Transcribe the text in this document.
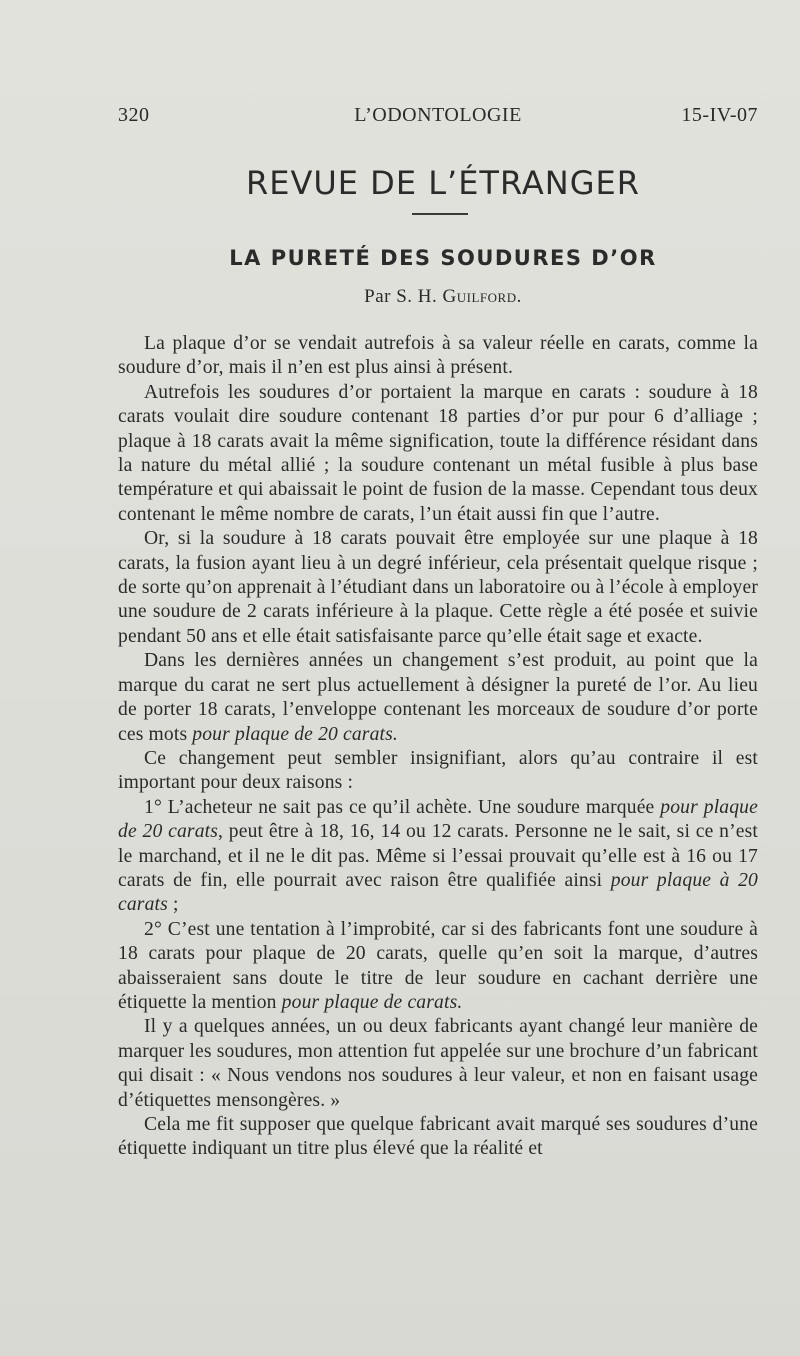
320	L’ODONTOLOGIE	15-IV-07
REVUE DE L’ÉTRANGER
LA PURETÉ DES SOUDURES D’OR
Par S. H. Guilford.

La plaque d’or se vendait autrefois à sa valeur réelle en carats, comme la soudure d’or, mais il n’en est plus ainsi à présent.

Autrefois les soudures d’or portaient la marque en carats : soudure à 18 carats voulait dire soudure contenant 18 parties d’or pur pour 6 d’alliage ; plaque à 18 carats avait la même signification, toute la différence résidant dans la nature du métal allié ; la soudure contenant un métal fusible à plus base température et qui abaissait le point de fusion de la masse. Cependant tous deux contenant le même nombre de carats, l’un était aussi fin que l’autre.

Or, si la soudure à 18 carats pouvait être employée sur une plaque à 18 carats, la fusion ayant lieu à un degré inférieur, cela présentait quelque risque ; de sorte qu’on apprenait à l’étudiant dans un laboratoire ou à l’école à employer une soudure de 2 carats inférieure à la plaque. Cette règle a été posée et suivie pendant 50 ans et elle était satisfaisante parce qu’elle était sage et exacte.

Dans les dernières années un changement s’est produit, au point que la marque du carat ne sert plus actuellement à désigner la pureté de l’or. Au lieu de porter 18 carats, l’enveloppe contenant les morceaux de soudure d’or porte ces mots pour plaque de 20 carats.

Ce changement peut sembler insignifiant, alors qu’au contraire il est important pour deux raisons :

1° L’acheteur ne sait pas ce qu’il achète. Une soudure marquée pour plaque de 20 carats, peut être à 18, 16, 14 ou 12 carats. Personne ne le sait, si ce n’est le marchand, et il ne le dit pas. Même si l’essai prouvait qu’elle est à 16 ou 17 carats de fin, elle pourrait avec raison être qualifiée ainsi pour plaque à 20 carats ;

2° C’est une tentation à l’improbité, car si des fabricants font une soudure à 18 carats pour plaque de 20 carats, quelle qu’en soit la marque, d’autres abaisseraient sans doute le titre de leur soudure en cachant derrière une étiquette la mention pour plaque de carats.

Il y a quelques années, un ou deux fabricants ayant changé leur manière de marquer les soudures, mon attention fut appelée sur une brochure d’un fabricant qui disait : « Nous vendons nos soudures à leur valeur, et non en faisant usage d’étiquettes mensongères. »

Cela me fit supposer que quelque fabricant avait marqué ses soudures d’une étiquette indiquant un titre plus élevé que la réalité et
